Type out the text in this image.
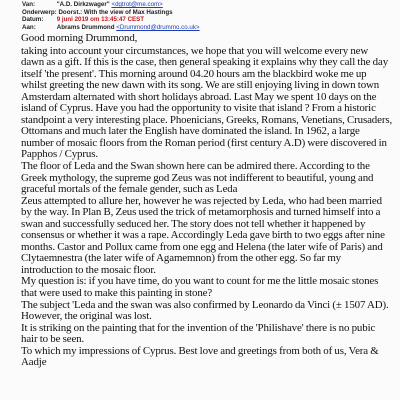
Van:	"A.D. Dirkzwager" <dgtrot@me.com>
Onderwerp: Doorst.: With the view of Max Hastings
Datum: 9 juni 2019 om 13:45:47 CEST
Aan:	Abrams Drummond <Drummond@drummo.co.uk>

Good morning Drummond,

taking into account your circumstances, we hope that you will welcome every new dawn as a gift. If this is the case, then general speaking it explains why they call the day itself 'the present'. This morning around 04.20 hours am the blackbird woke me up whilst greeting the new dawn with its song. We are still enjoying living in down town Amsterdam alternated with short holidays abroad. Last May we spent 10 days on the island of Cyprus. Have you had the opportunity to visite that island ? From a historic standpoint a very interesting place. Phoenicians, Greeks, Romans, Venetians, Crusaders, Ottomans and much later the English have dominated the island. In 1962, a large number of mosaic floors from the Roman period (first century A.D) were discovered in Papphos / Cyprus.

The floor of Leda and the Swan shown here can be admired there. According to the Greek mythology, the supreme god Zeus was not indifferent to beautiful, young and graceful mortals of the female gender, such as Leda

Zeus attempted to allure her, however he was rejected by Leda, who had been married by the way. In Plan B, Zeus used the trick of metamorphosis and turned himself into a swan and successfully seduced her. The story does not tell whether it happened by consensus or whether it was a rape. Accordingly Leda gave birth to two eggs after nine months. Castor and Pollux came from one egg and Helena (the later wife of Paris) and Clytaemnestra (the later wife of Agamemnon) from the other egg. So far my introduction to the mosaic floor.

My question is: if you have time, do you want to count for me the little mosaic stones that were used to make this painting in stone?

The subject 'Leda and the swan was also confirmed by Leonardo da Vinci (± 1507 AD). However, the original was lost.

It is striking on the painting that for the invention of the 'Philishave' there is no pubic hair to be seen.

To which my impressions of Cyprus. Best love and greetings from both of us, Vera & Aadje
